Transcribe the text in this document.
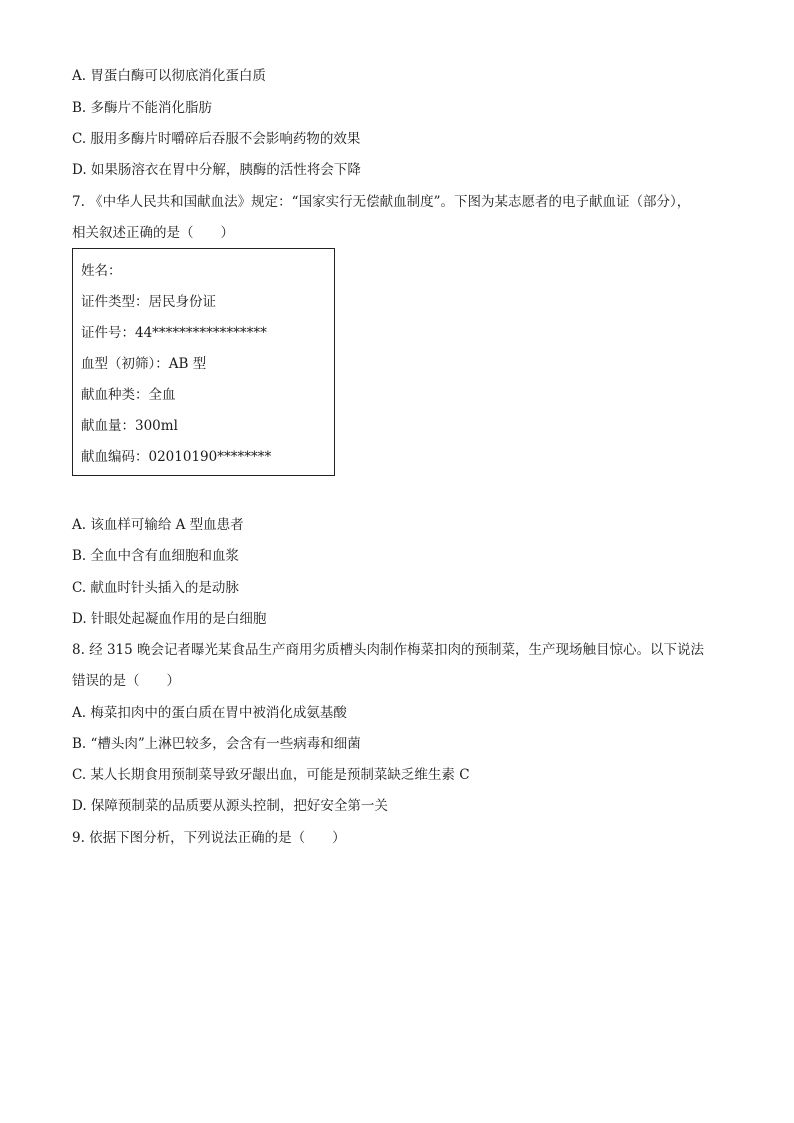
A. 胃蛋白酶可以彻底消化蛋白质
B. 多酶片不能消化脂肪
C. 服用多酶片时嚼碎后吞服不会影响药物的效果
D. 如果肠溶衣在胃中分解，胰酶的活性将会下降
7. 《中华人民共和国献血法》规定：“国家实行无偿献血制度”。下图为某志愿者的电子献血证（部分），
相关叙述正确的是（　　）
姓名：
证件类型：居民身份证
证件号：44*****************
血型（初筛）：AB 型
献血种类：全血
献血量：300ml
献血编码：02010190********
A. 该血样可输给 A 型血患者
B. 全血中含有血细胞和血浆
C. 献血时针头插入的是动脉
D. 针眼处起凝血作用的是白细胞
8. 经 315 晚会记者曝光某食品生产商用劣质槽头肉制作梅菜扣肉的预制菜，生产现场触目惊心。以下说法
错误的是（　　）
A. 梅菜扣肉中的蛋白质在胃中被消化成氨基酸
B. “槽头肉”上淋巴较多，会含有一些病毒和细菌
C. 某人长期食用预制菜导致牙龈出血，可能是预制菜缺乏维生素 C
D. 保障预制菜的品质要从源头控制，把好安全第一关
9. 依据下图分析，下列说法正确的是（　　）
